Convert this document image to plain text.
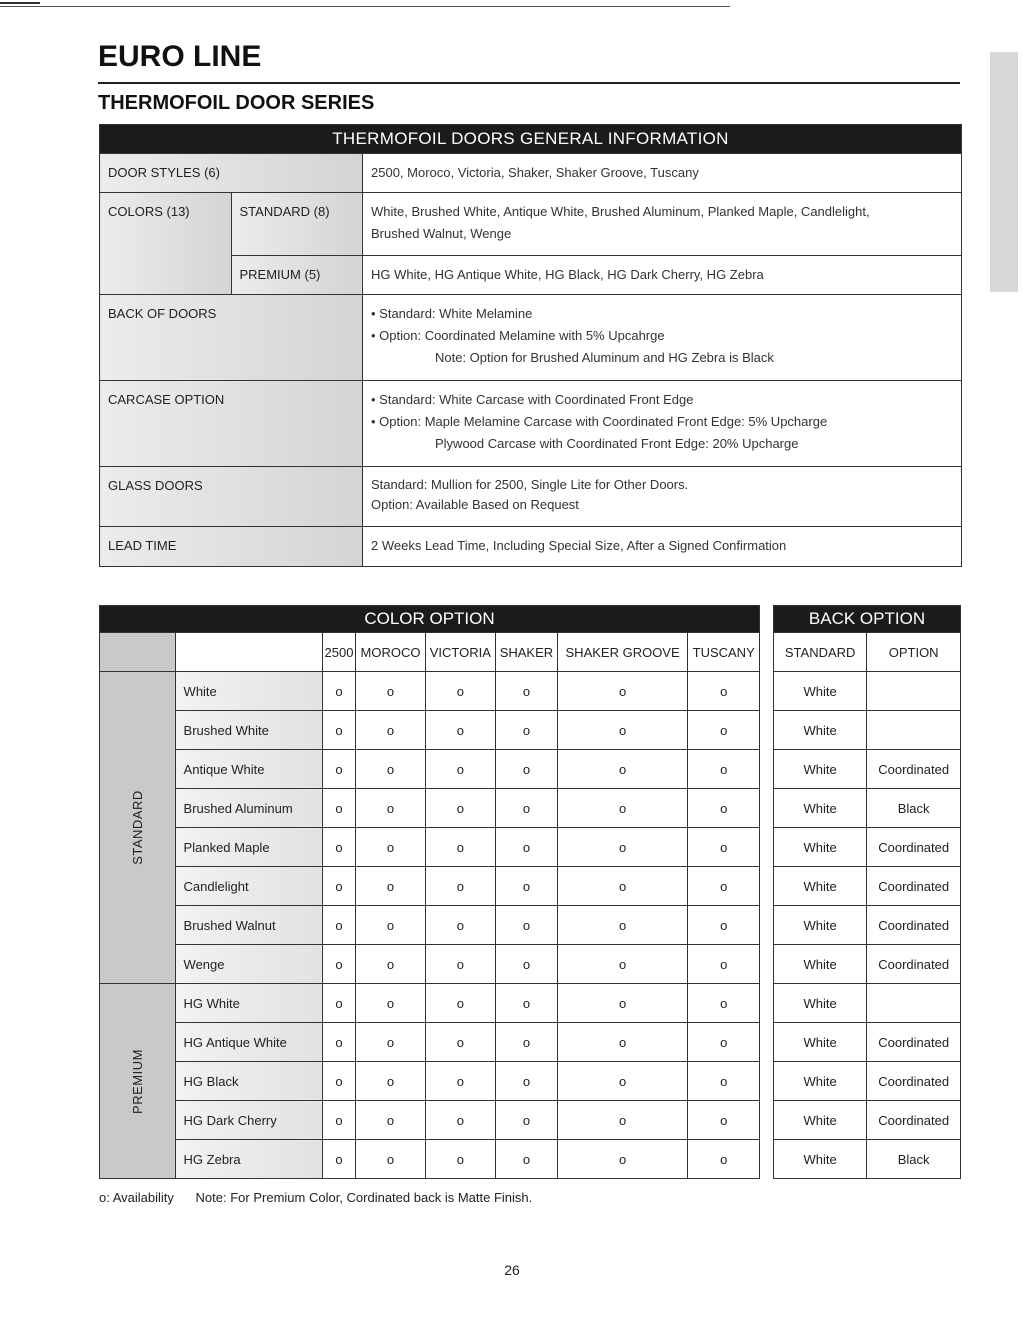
EURO LINE
THERMOFOIL DOOR SERIES
THERMOFOIL DOORS GENERAL INFORMATION		
DOOR STYLES (6)		2500, Moroco, Victoria, Shaker, Shaker Groove, Tuscany
COLORS (13)	STANDARD (8)	White, Brushed White, Antique White, Brushed Aluminum, Planked Maple, Candlelight,
Brushed Walnut, Wenge

	PREMIUM (5)	HG White, HG Antique White, HG Black, HG Dark Cherry, HG Zebra
BACK OF DOORS		• Standard: White Melamine
• Option: Coordinated Melamine with 5% Upcahrge
Note: Option for Brushed Aluminum and HG Zebra is Black

CARCASE OPTION		• Standard: White Carcase with Coordinated Front Edge
• Option: Maple Melamine Carcase with Coordinated Front Edge: 5% Upcharge
Plywood Carcase with Coordinated Front Edge: 20% Upcharge

GLASS DOORS		Standard: Mullion for 2500, Single Lite for Other Doors.
Option: Available Based on Request

LEAD TIME		2 Weeks Lead Time, Including Special Size, After a Signed Confirmation
COLOR OPTION							
		2500	MOROCO	VICTORIA	SHAKER	SHAKER GROOVE	TUSCANY
STANDARD	White	o	o	o	o	o	o
	Brushed White	o	o	o	o	o	o
	Antique White	o	o	o	o	o	o
	Brushed Aluminum	o	o	o	o	o	o
	Planked Maple	o	o	o	o	o	o
	Candlelight	o	o	o	o	o	o
	Brushed Walnut	o	o	o	o	o	o
	Wenge	o	o	o	o	o	o
PREMIUM	HG White	o	o	o	o	o	o
	HG Antique White	o	o	o	o	o	o
	HG Black	o	o	o	o	o	o
	HG Dark Cherry	o	o	o	o	o	o
	HG Zebra	o	o	o	o	o	o
BACK OPTION	
STANDARD	OPTION
White	
White	
White	Coordinated
White	Black
White	Coordinated
White	Coordinated
White	Coordinated
White	Coordinated
White	
White	Coordinated
White	Coordinated
White	Coordinated
White	Black
o: Availability Note: For Premium Color, Cordinated back is Matte Finish.
26
